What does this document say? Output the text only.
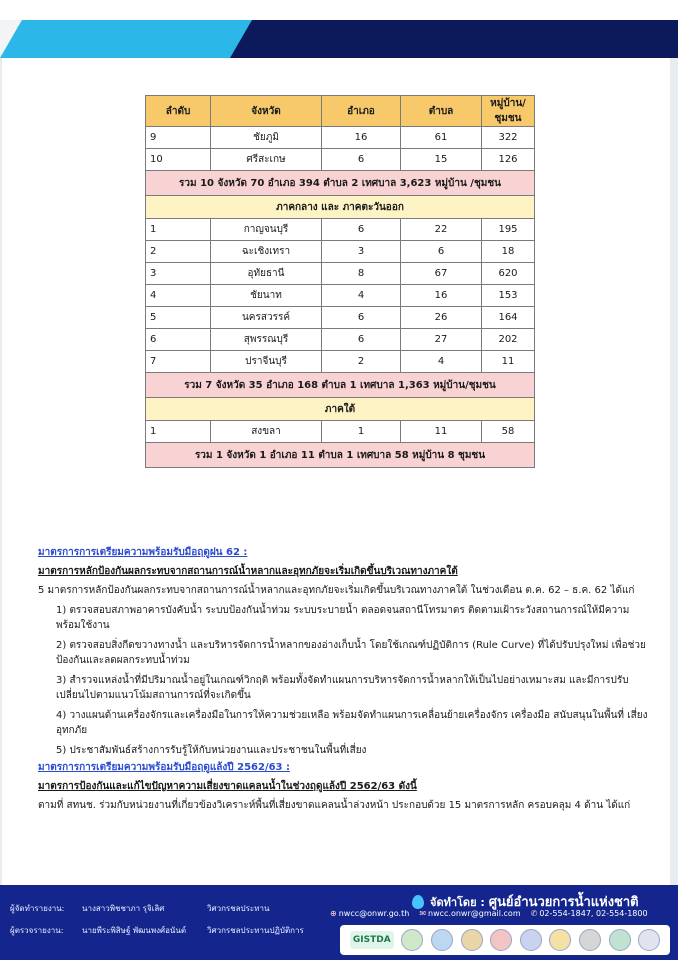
ลำดับ	จังหวัด	อำเภอ	ตำบล	หมู่บ้าน/ชุมชน
9	ชัยภูมิ	16	61	322
10	ศรีสะเกษ	6	15	126
รวม 10 จังหวัด 70 อำเภอ 394 ตำบล 2 เทศบาล 3,623 หมู่บ้าน /ชุมชน				
ภาคกลาง และ ภาคตะวันออก				
1	กาญจนบุรี	6	22	195
2	ฉะเชิงเทรา	3	6	18
3	อุทัยธานี	8	67	620
4	ชัยนาท	4	16	153
5	นครสวรรค์	6	26	164
6	สุพรรณบุรี	6	27	202
7	ปราจีนบุรี	2	4	11
รวม 7 จังหวัด 35 อำเภอ 168 ตำบล 1 เทศบาล 1,363 หมู่บ้าน/ชุมชน				
ภาคใต้				
1	สงขลา	1	11	58
รวม 1 จังหวัด 1 อำเภอ 11 ตำบล 1 เทศบาล 58 หมู่บ้าน 8 ชุมชน				
มาตรการการเตรียมความพร้อมรับมือฤดูฝน 62 :
มาตรการหลักป้องกันผลกระทบจากสถานการณ์น้ำหลากและอุทกภัยจะเริ่มเกิดขึ้นบริเวณทางภาคใต้
5 มาตรการหลักป้องกันผลกระทบจากสถานการณ์น้ำหลากและอุทกภัยจะเริ่มเกิดขึ้นบริเวณทางภาคใต้ ในช่วงเดือน ต.ค. 62 – ธ.ค. 62 ได้แก่
1) ตรวจสอบสภาพอาคารบังคับน้ำ ระบบป้องกันน้ำท่วม ระบบระบายน้ำ ตลอดจนสถานีโทรมาตร ติดตามเฝ้าระวังสถานการณ์ให้มีความ พร้อมใช้งาน
2) ตรวจสอบสิ่งกีดขวางทางน้ำ และบริหารจัดการน้ำหลากของอ่างเก็บน้ำ โดยใช้เกณฑ์ปฏิบัติการ (Rule Curve) ที่ได้ปรับปรุงใหม่ เพื่อช่วยป้องกันและลดผลกระทบน้ำท่วม
3) สำรวจแหล่งน้ำที่มีปริมาณน้ำอยู่ในเกณฑ์วิกฤติ พร้อมทั้งจัดทำแผนการบริหารจัดการน้ำหลากให้เป็นไปอย่างเหมาะสม และมีการปรับเปลี่ยนไปตามแนวโน้มสถานการณ์ที่จะเกิดขึ้น
4) วางแผนด้านเครื่องจักรและเครื่องมือในการให้ความช่วยเหลือ พร้อมจัดทำแผนการเคลื่อนย้ายเครื่องจักร เครื่องมือ สนับสนุนในพื้นที่ เสี่ยงอุทกภัย
5) ประชาสัมพันธ์สร้างการรับรู้ให้กับหน่วยงานและประชาชนในพื้นที่เสี่ยง
มาตรการการเตรียมความพร้อมรับมือฤดูแล้งปี 2562/63 :
มาตรการป้องกันและแก้ไขปัญหาความเสี่ยงขาดแคลนน้ำในช่วงฤดูแล้งปี 2562/63 ดังนี้
ตามที่ สทนช. ร่วมกับหน่วยงานที่เกี่ยวข้องวิเคราะห์พื้นที่เสี่ยงขาดแคลนน้ำล่วงหน้า ประกอบด้วย 15 มาตรการหลัก ครอบคลุม 4 ด้าน ได้แก่
ผู้จัดทำรายงาน:	นางสาวพิชชาภา รุจิเลิศ	วิศวกรชลประทาน
ผู้ตรวจรายงาน:	นายพีระพิสิษฐ์ พัฒนพงศ์อนันต์	วิศวกรชลประทานปฏิบัติการ
จัดทำโดย : ศูนย์อำนวยการน้ำแห่งชาติ
⊕ nwcc@onwr.go.th ✉ nwcc.onwr@gmail.com ✆ 02-554-1847, 02-554-1800
GISTDA
